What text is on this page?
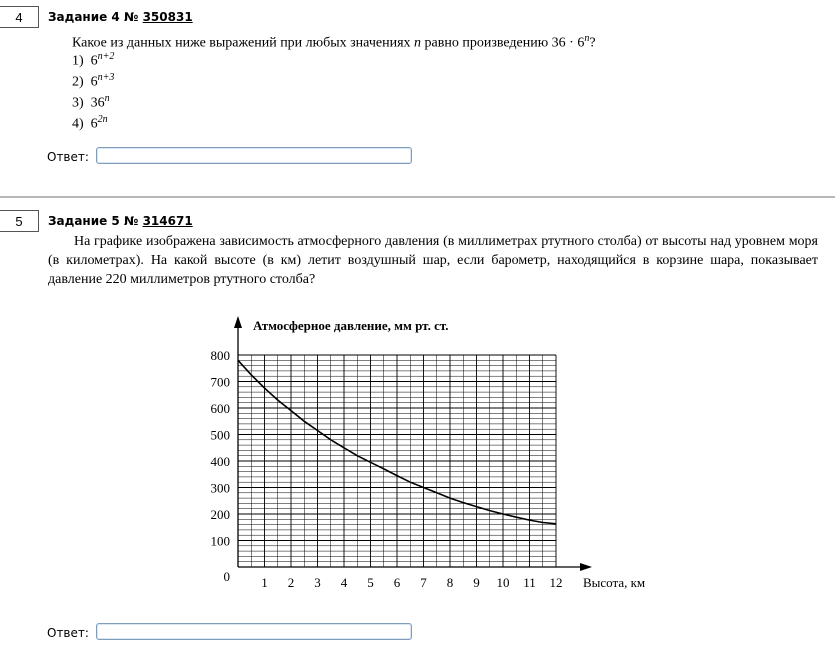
4	Задание 4 № 350831
Какое из данных ниже выражений при любых значениях n равно произведению $36 \cdot 6^n$?
1) $6^{n+2}$
2) $6^{n+3}$
3) 36$^n$
4) $6^{2n}$
Ответ:
5	Задание 5 № 314671
На графике изображена зависимость атмосферного давления (в миллиметрах ртутного столба) от высоты над уровнем моря (в километрах). На какой высоте (в км) летит воздушный шар, если барометр, находящийся в корзине шара, показывает давление 220 миллиметров ртутного столба?
1 2 3 4 5 6 7 8 9 10 11 12
100
200
300
400
500
600
700
800
0
Атмосферное давление, мм рт. ст.
Высота, км
Ответ:
